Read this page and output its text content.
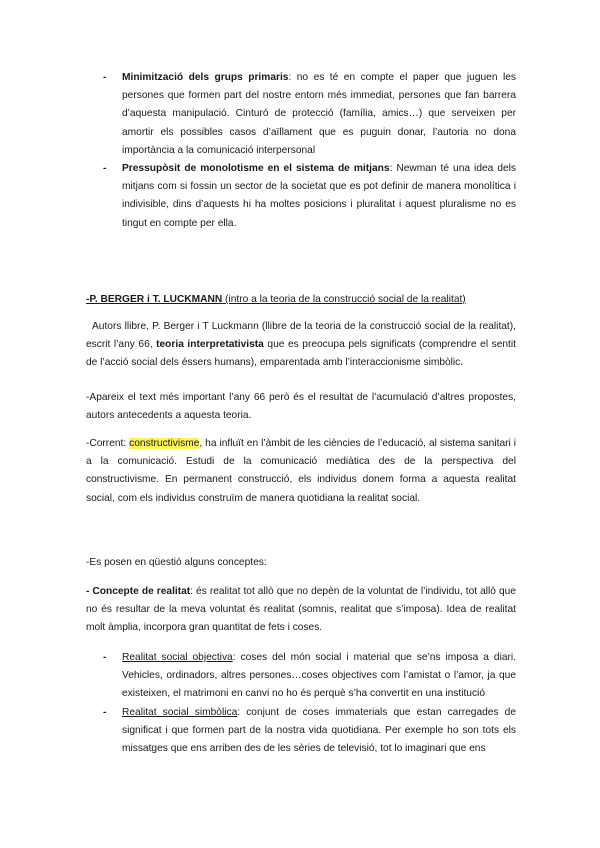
- Minimització dels grups primaris: no es té en compte el paper que juguen les persones que formen part del nostre entorn més immediat, persones que fan barrera d’aquesta manipulació. Cinturó de protecció (família, amics…) que serveixen per amortir els possibles casos d’aïllament que es puguin donar, l’autoria no dona importància a la comunicació interpersonal

- Pressupòsit de monolotisme en el sistema de mitjans: Newman té una idea dels mitjans com si fossin un sector de la societat que es pot definir de manera monolítica i indivisible, dins d’aquests hi ha moltes posicions i pluralitat i aquest pluralisme no es tingut en compte per ella.

-P. BERGER i T. LUCKMANN (intro a la teoria de la construcció social de la realitat)

Autors llibre, P. Berger i T Luckmann (llibre de la teoria de la construcció social de la realitat), escrit l’any 66, teoria interpretativista que es preocupa pels significats (comprendre el sentit de l’acció social dels éssers humans), emparentada amb l’interaccionisme simbòlic.

-Apareix el text més important l’any 66 però és el resultat de l’acumulació d’altres propostes, autors antecedents a aquesta teoria.

-Corrent: constructivisme, ha influït en l’àmbit de les ciències de l’educació, al sistema sanitari i a la comunicació. Estudi de la comunicació mediàtica des de la perspectiva del constructivisme. En permanent construcció, els individus donem forma a aquesta realitat social, com els individus construïm de manera quotidiana la realitat social.

-Es posen en qüestió alguns conceptes:

- Concepte de realitat: és realitat tot allò que no depèn de la voluntat de l’individu, tot allò que no és resultar de la meva voluntat és realitat (somnis, realitat que s’imposa). Idea de realitat molt àmplia, incorpora gran quantitat de fets i coses.

- Realitat social objectiva: coses del món social i material que se’ns imposa a diari. Vehicles, ordinadors, altres persones…coses objectives com l’amistat o l’amor, ja que existeixen, el matrimoni en canvi no ho és perquè s’ha convertit en una institució

- Realitat social simbòlica: conjunt de coses immaterials que estan carregades de significat i que formen part de la nostra vida quotidiana. Per exemple ho son tots els missatges que ens arriben des de les sèries de televisió, tot lo imaginari que ens
